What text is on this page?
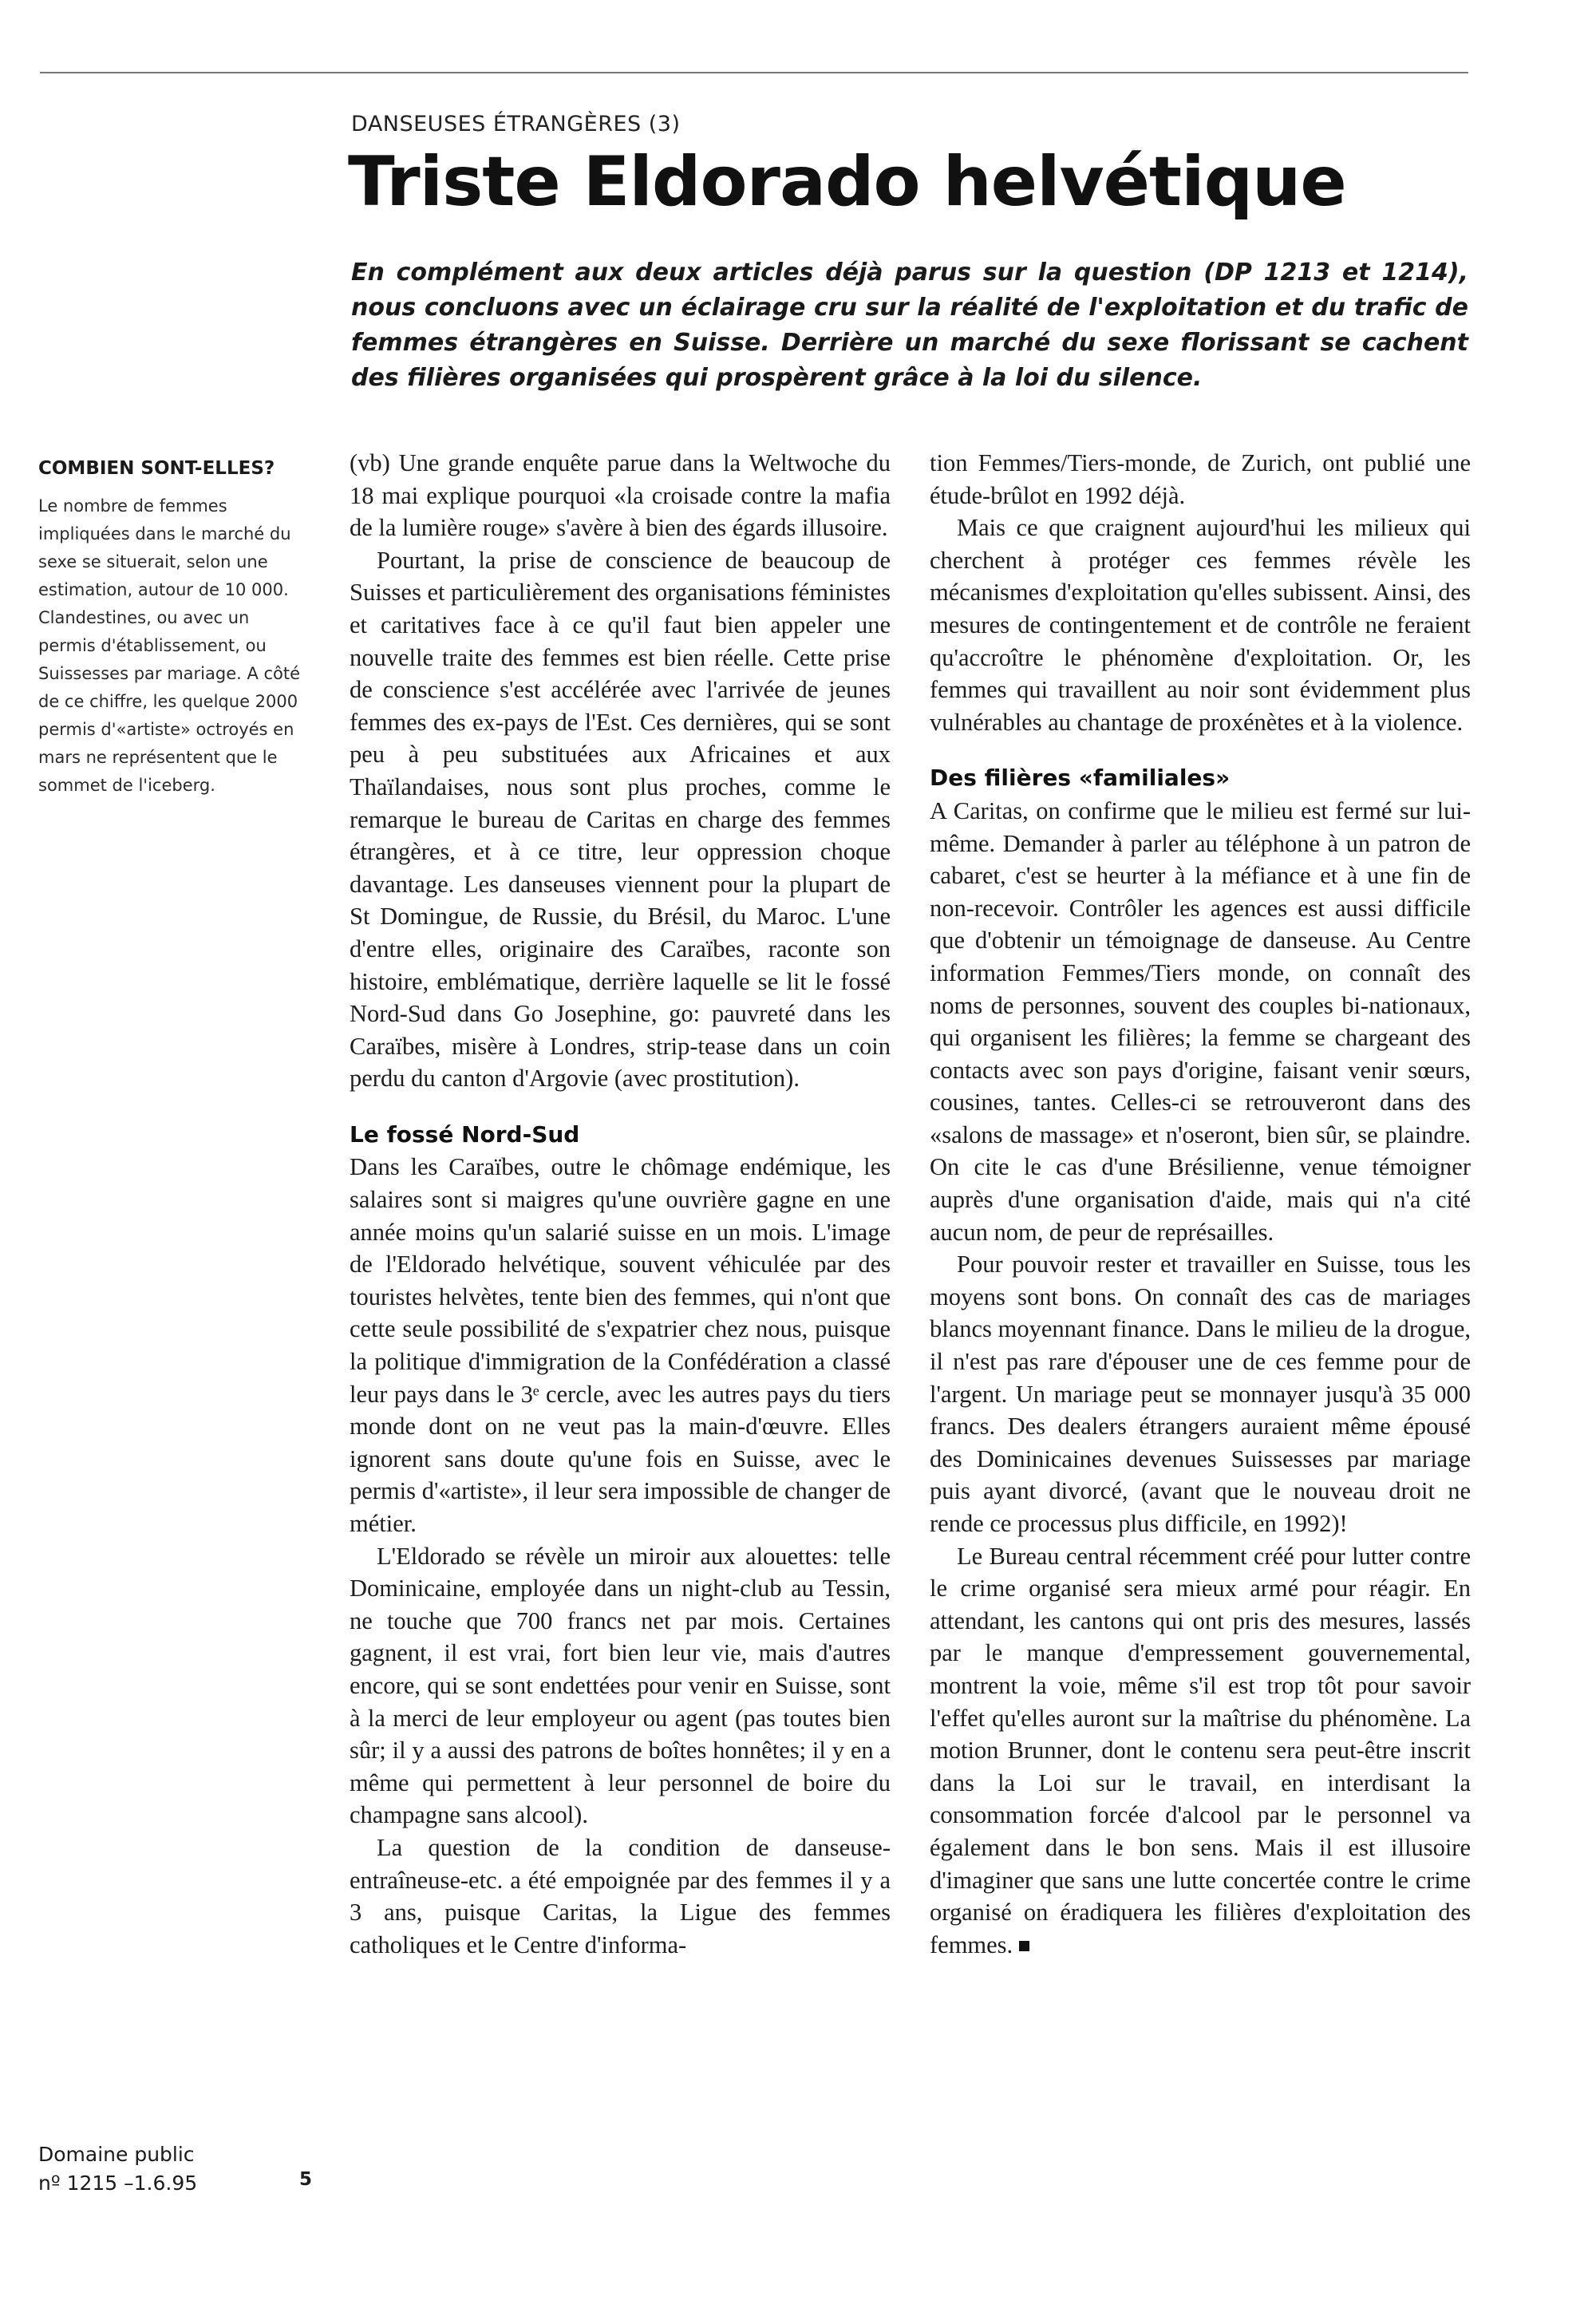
DANSEUSES ÉTRANGÈRES (3)
Triste Eldorado helvétique

En complément aux deux articles déjà parus sur la question (DP 1213 et 1214), nous concluons avec un éclairage cru sur la réalité de l'exploitation et du trafic de femmes étrangères en Suisse. Derrière un marché du sexe florissant se cachent des filières organisées qui prospèrent grâce à la loi du silence.

COMBIEN SONT-ELLES?

Le nombre de femmes impliquées dans le marché du sexe se situerait, selon une estimation, autour de 10 000. Clandestines, ou avec un permis d'établissement, ou Suissesses par mariage. A côté de ce chiffre, les quelque 2000 permis d'«artiste» octroyés en mars ne représentent que le sommet de l'iceberg.

Domaine public
nº 1215 –1.6.95	5

(vb) Une grande enquête parue dans la Weltwoche du 18 mai explique pourquoi «la croisade contre la mafia de la lumière rouge» s'avère à bien des égards illusoire.

Pourtant, la prise de conscience de beaucoup de Suisses et particulièrement des organisations féministes et caritatives face à ce qu'il faut bien appeler une nouvelle traite des femmes est bien réelle. Cette prise de conscience s'est accélérée avec l'arrivée de jeunes femmes des ex-pays de l'Est. Ces dernières, qui se sont peu à peu substituées aux Africaines et aux Thaïlandaises, nous sont plus proches, comme le remarque le bureau de Caritas en charge des femmes étrangères, et à ce titre, leur oppression choque davantage. Les danseuses viennent pour la plupart de St Domingue, de Russie, du Brésil, du Maroc. L'une d'entre elles, originaire des Caraïbes, raconte son histoire, emblématique, derrière laquelle se lit le fossé Nord-Sud dans Go Josephine, go: pauvreté dans les Caraïbes, misère à Londres, strip-tease dans un coin perdu du canton d'Argovie (avec prostitution).

Le fossé Nord-Sud

Dans les Caraïbes, outre le chômage endémique, les salaires sont si maigres qu'une ouvrière gagne en une année moins qu'un salarié suisse en un mois. L'image de l'Eldorado helvétique, souvent véhiculée par des touristes helvètes, tente bien des femmes, qui n'ont que cette seule possibilité de s'expatrier chez nous, puisque la politique d'immigration de la Confédération a classé leur pays dans le 3ᵉ cercle, avec les autres pays du tiers monde dont on ne veut pas la main-d'œuvre. Elles ignorent sans doute qu'une fois en Suisse, avec le permis d'«artiste», il leur sera impossible de changer de métier.

L'Eldorado se révèle un miroir aux alouettes: telle Dominicaine, employée dans un night-club au Tessin, ne touche que 700 francs net par mois. Certaines gagnent, il est vrai, fort bien leur vie, mais d'autres encore, qui se sont endettées pour venir en Suisse, sont à la merci de leur employeur ou agent (pas toutes bien sûr; il y a aussi des patrons de boîtes honnêtes; il y en a même qui permettent à leur personnel de boire du champagne sans alcool).

La question de la condition de danseuse-entraîneuse-etc. a été empoignée par des femmes il y a 3 ans, puisque Caritas, la Ligue des femmes catholiques et le Centre d'informa-

tion Femmes/Tiers-monde, de Zurich, ont publié une étude-brûlot en 1992 déjà.

Mais ce que craignent aujourd'hui les milieux qui cherchent à protéger ces femmes révèle les mécanismes d'exploitation qu'elles subissent. Ainsi, des mesures de contingentement et de contrôle ne feraient qu'accroître le phénomène d'exploitation. Or, les femmes qui travaillent au noir sont évidemment plus vulnérables au chantage de proxénètes et à la violence.

Des filières «familiales»

A Caritas, on confirme que le milieu est fermé sur lui-même. Demander à parler au téléphone à un patron de cabaret, c'est se heurter à la méfiance et à une fin de non-recevoir. Contrôler les agences est aussi difficile que d'obtenir un témoignage de danseuse. Au Centre information Femmes/Tiers monde, on connaît des noms de personnes, souvent des couples bi-nationaux, qui organisent les filières; la femme se chargeant des contacts avec son pays d'origine, faisant venir sœurs, cousines, tantes. Celles-ci se retrouveront dans des «salons de massage» et n'oseront, bien sûr, se plaindre. On cite le cas d'une Brésilienne, venue témoigner auprès d'une organisation d'aide, mais qui n'a cité aucun nom, de peur de représailles.

Pour pouvoir rester et travailler en Suisse, tous les moyens sont bons. On connaît des cas de mariages blancs moyennant finance. Dans le milieu de la drogue, il n'est pas rare d'épouser une de ces femme pour de l'argent. Un mariage peut se monnayer jusqu'à 35 000 francs. Des dealers étrangers auraient même épousé des Dominicaines devenues Suissesses par mariage puis ayant divorcé, (avant que le nouveau droit ne rende ce processus plus difficile, en 1992)!

Le Bureau central récemment créé pour lutter contre le crime organisé sera mieux armé pour réagir. En attendant, les cantons qui ont pris des mesures, lassés par le manque d'empressement gouvernemental, montrent la voie, même s'il est trop tôt pour savoir l'effet qu'elles auront sur la maîtrise du phénomène. La motion Brunner, dont le contenu sera peut-être inscrit dans la Loi sur le travail, en interdisant la consommation forcée d'alcool par le personnel va également dans le bon sens. Mais il est illusoire d'imaginer que sans une lutte concertée contre le crime organisé on éradiquera les filières d'exploitation des femmes.
